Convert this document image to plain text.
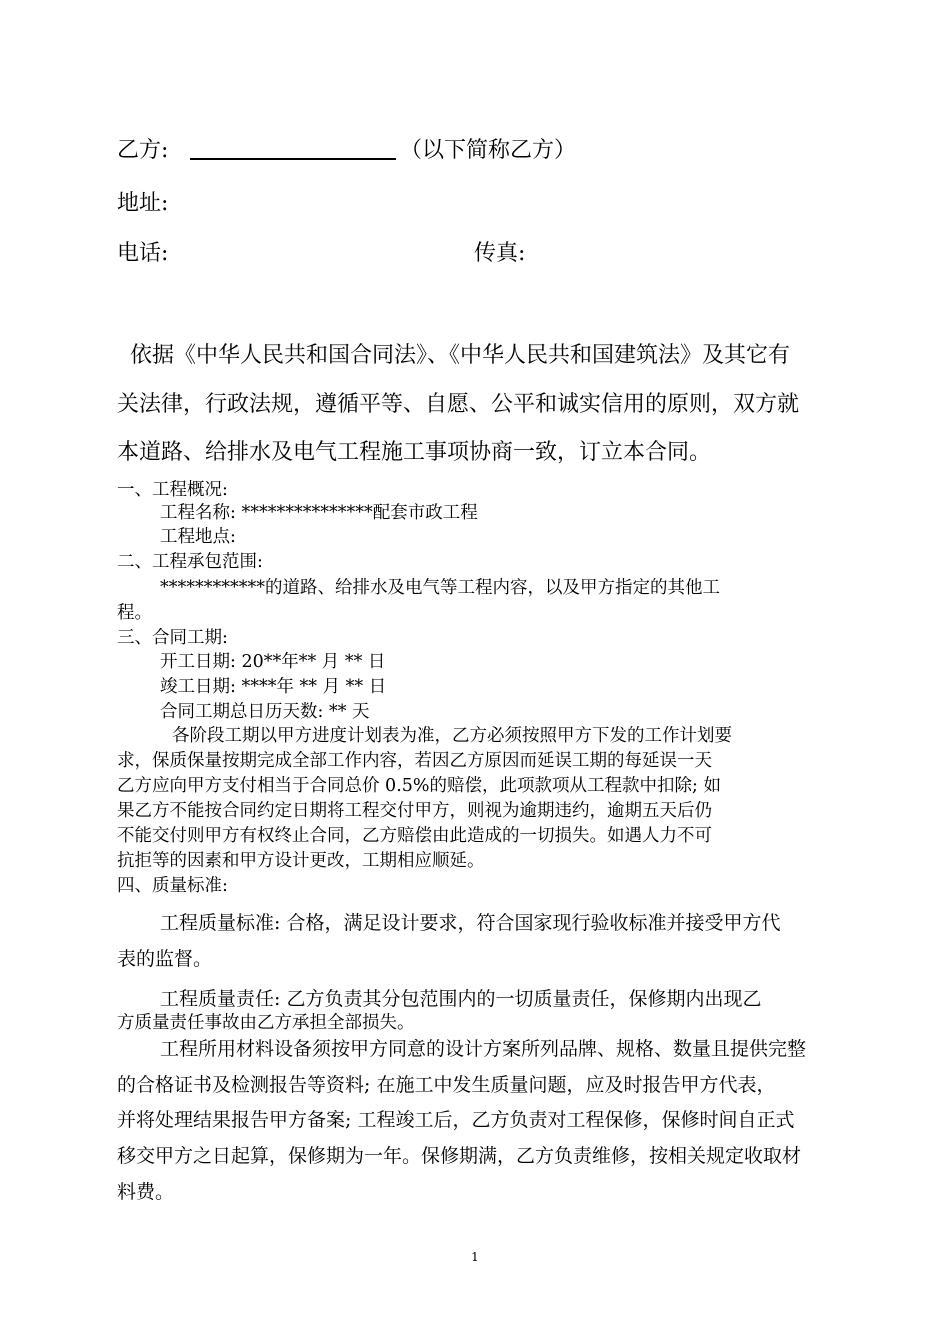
乙方:	（以下简称乙方）
地址:
电话:	传真:
依据《中华人民共和国合同法》、《中华人民共和国建筑法》及其它有
关法律，行政法规，遵循平等、自愿、公平和诚实信用的原则，双方就
本道路、给排水及电气工程施工事项协商一致，订立本合同。
一、工程概况:
工程名称: ***************配套市政工程
工程地点:
二、工程承包范围:
************的道路、给排水及电气等工程内容，以及甲方指定的其他工
程。
三、合同工期:
开工日期: 20**年** 月 ** 日
竣工日期: ****年 ** 月 ** 日
合同工期总日历天数: ** 天
各阶段工期以甲方进度计划表为准，乙方必须按照甲方下发的工作计划要
求，保质保量按期完成全部工作内容，若因乙方原因而延误工期的每延误一天
乙方应向甲方支付相当于合同总价 0.5%的赔偿，此项款项从工程款中扣除; 如
果乙方不能按合同约定日期将工程交付甲方，则视为逾期违约，逾期五天后仍
不能交付则甲方有权终止合同，乙方赔偿由此造成的一切损失。如遇人力不可
抗拒等的因素和甲方设计更改，工期相应顺延。
四、质量标准:
工程质量标准: 合格，满足设计要求，符合国家现行验收标准并接受甲方代
表的监督。
工程质量责任: 乙方负责其分包范围内的一切质量责任，保修期内出现乙
方质量责任事故由乙方承担全部损失。
工程所用材料设备须按甲方同意的设计方案所列品牌、规格、数量且提供完整
的合格证书及检测报告等资料; 在施工中发生质量问题，应及时报告甲方代表，
并将处理结果报告甲方备案; 工程竣工后，乙方负责对工程保修，保修时间自正式
移交甲方之日起算，保修期为一年。保修期满，乙方负责维修，按相关规定收取材
料费。
1
